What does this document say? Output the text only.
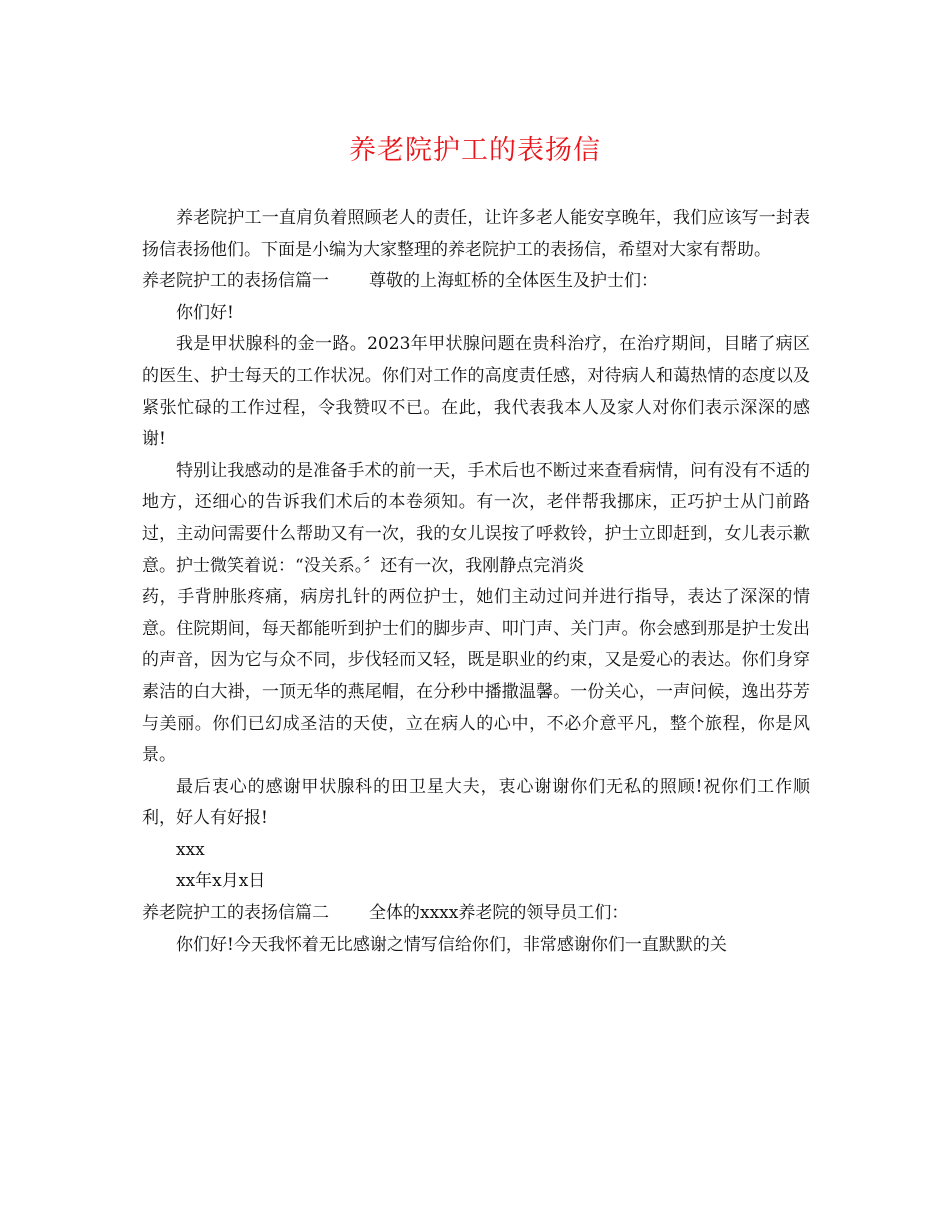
养老院护工的表扬信

养老院护工一直肩负着照顾老人的责任，让许多老人能安享晚年，我们应该写一封表扬信表扬他们。下面是小编为大家整理的养老院护工的表扬信，希望对大家有帮助。

养老院护工的表扬信篇一 尊敬的上海虹桥的全体医生及护士们：

你们好!

我是甲状腺科的金一路。2023年甲状腺问题在贵科治疗，在治疗期间，目睹了病区的医生、护士每天的工作状况。你们对工作的高度责任感，对待病人和蔼热情的态度以及紧张忙碌的工作过程，令我赞叹不已。在此，我代表我本人及家人对你们表示深深的感谢!

特别让我感动的是准备手术的前一天，手术后也不断过来查看病情，问有没有不适的地方，还细心的告诉我们术后的本卷须知。有一次，老伴帮我挪床，正巧护士从门前路过，主动问需要什么帮助又有一次，我的女儿误按了呼救铃，护士立即赶到，女儿表示歉意。护士微笑着说：“没关系。〞还有一次，我刚静点完消炎

药，手背肿胀疼痛，病房扎针的两位护士，她们主动过问并进行指导，表达了深深的情意。住院期间，每天都能听到护士们的脚步声、叩门声、关门声。你会感到那是护士发出的声音，因为它与众不同，步伐轻而又轻，既是职业的约束，又是爱心的表达。你们身穿素洁的白大褂，一顶无华的燕尾帽，在分秒中播撒温馨。一份关心，一声问候，逸出芬芳与美丽。你们已幻成圣洁的天使，立在病人的心中，不必介意平凡，整个旅程，你是风景。

最后衷心的感谢甲状腺科的田卫星大夫，衷心谢谢你们无私的照顾!祝你们工作顺利，好人有好报!

xxx

xx年x月x日

养老院护工的表扬信篇二 全体的xxxx养老院的领导员工们：

你们好!今天我怀着无比感谢之情写信给你们，非常感谢你们一直默默的关
